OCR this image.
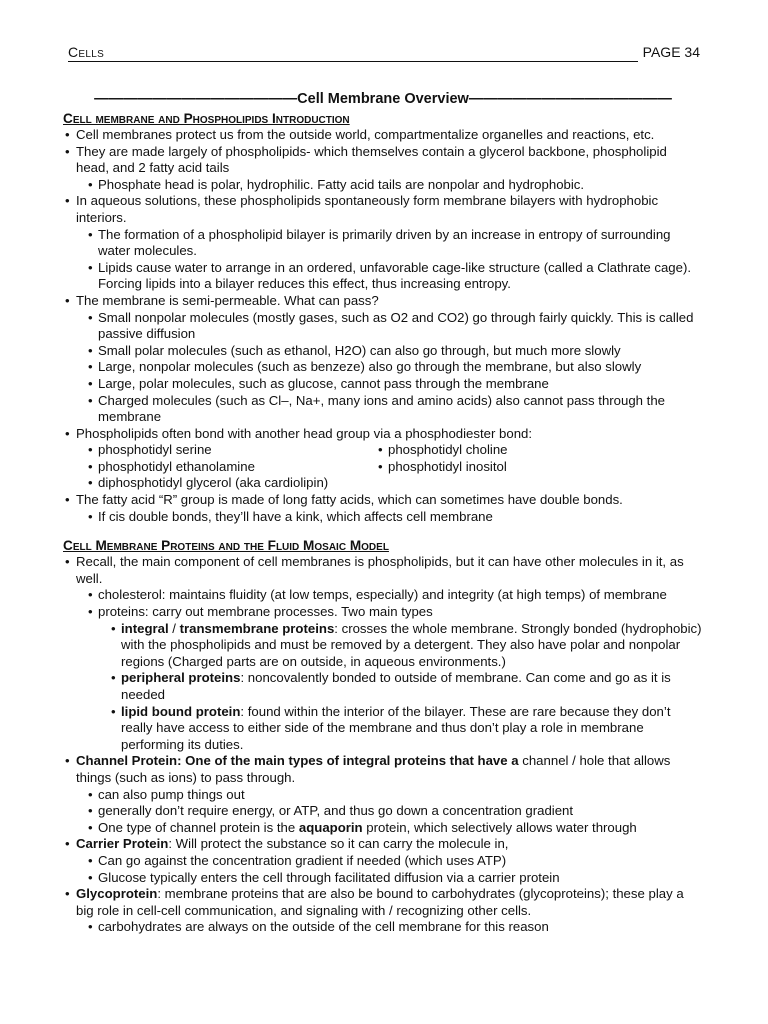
Cells	PAGE 34
——————————————Cell Membrane Overview——————————————
Cell membrane and Phospholipids Introduction
• Cell membranes protect us from the outside world, compartmentalize organelles and reactions, etc.
• They are made largely of phospholipids- which themselves contain a glycerol backbone, phospholipid head, and 2 fatty acid tails
• Phosphate head is polar, hydrophilic. Fatty acid tails are nonpolar and hydrophobic.
• In aqueous solutions, these phospholipids spontaneously form membrane bilayers with hydrophobic interiors.
• The formation of a phospholipid bilayer is primarily driven by an increase in entropy of surrounding water molecules.
• Lipids cause water to arrange in an ordered, unfavorable cage-like structure (called a Clathrate cage). Forcing lipids into a bilayer reduces this effect, thus increasing entropy.
• The membrane is semi-permeable. What can pass?
• Small nonpolar molecules (mostly gases, such as O2 and CO2) go through fairly quickly. This is called passive diffusion
• Small polar molecules (such as ethanol, H2O) can also go through, but much more slowly
• Large, nonpolar molecules (such as benzeze) also go through the membrane, but also slowly
• Large, polar molecules, such as glucose, cannot pass through the membrane
• Charged molecules (such as Cl–, Na+, many ions and amino acids) also cannot pass through the membrane
• Phospholipids often bond with another head group via a phosphodiester bond:
• phosphotidyl serine
• phosphotidyl ethanolamine
• phosphotidyl choline
• phosphotidyl inositol
• diphosphotidyl glycerol (aka cardiolipin)
• The fatty acid “R” group is made of long fatty acids, which can sometimes have double bonds.
• If cis double bonds, they’ll have a kink, which affects cell membrane
Cell Membrane Proteins and the Fluid Mosaic Model
• Recall, the main component of cell membranes is phospholipids, but it can have other molecules in it, as well.
• cholesterol: maintains fluidity (at low temps, especially) and integrity (at high temps) of membrane
• proteins: carry out membrane processes. Two main types
• integral / transmembrane proteins: crosses the whole membrane. Strongly bonded (hydrophobic) with the phospholipids and must be removed by a detergent. They also have polar and nonpolar regions (Charged parts are on outside, in aqueous environments.)
• peripheral proteins: noncovalently bonded to outside of membrane. Can come and go as it is needed
• lipid bound protein: found within the interior of the bilayer. These are rare because they don’t really have access to either side of the membrane and thus don’t play a role in membrane performing its duties.
• Channel Protein: One of the main types of integral proteins that have a channel / hole that allows things (such as ions) to pass through.
• can also pump things out
• generally don’t require energy, or ATP, and thus go down a concentration gradient
• One type of channel protein is the aquaporin protein, which selectively allows water through
• Carrier Protein: Will protect the substance so it can carry the molecule in,
• Can go against the concentration gradient if needed (which uses ATP)
• Glucose typically enters the cell through facilitated diffusion via a carrier protein
• Glycoprotein: membrane proteins that are also be bound to carbohydrates (glycoproteins); these play a big role in cell-cell communication, and signaling with / recognizing other cells.
• carbohydrates are always on the outside of the cell membrane for this reason
